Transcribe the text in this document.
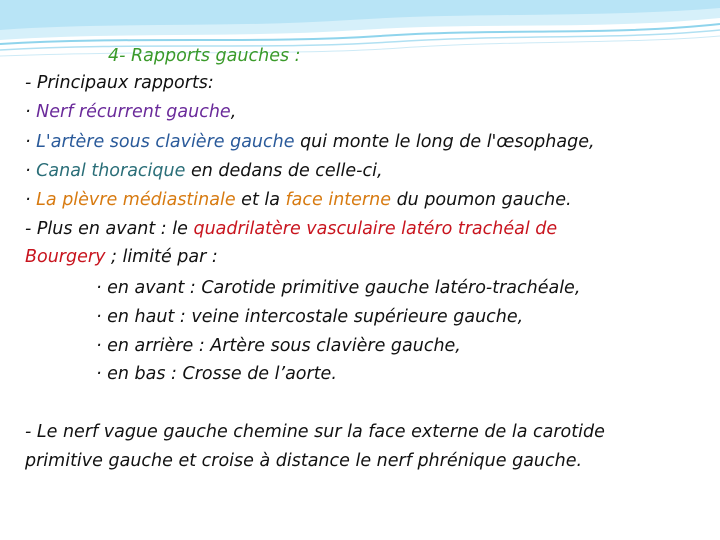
4- Rapports gauches :
- Principaux rapports:
· Nerf récurrent gauche,
· L'artère sous clavière gauche qui monte le long de l'œsophage,
· Canal thoracique en dedans de celle-ci,
· La plèvre médiastinale et la face interne du poumon gauche.
- Plus en avant : le quadrilatère vasculaire latéro trachéal de
Bourgery ; limité par :
· en avant : Carotide primitive gauche latéro-trachéale,
· en haut : veine intercostale supérieure gauche,
· en arrière : Artère sous clavière gauche,
· en bas : Crosse de l’aorte.
- Le nerf vague gauche chemine sur la face externe de la carotide
primitive gauche et croise à distance le nerf phrénique gauche.
